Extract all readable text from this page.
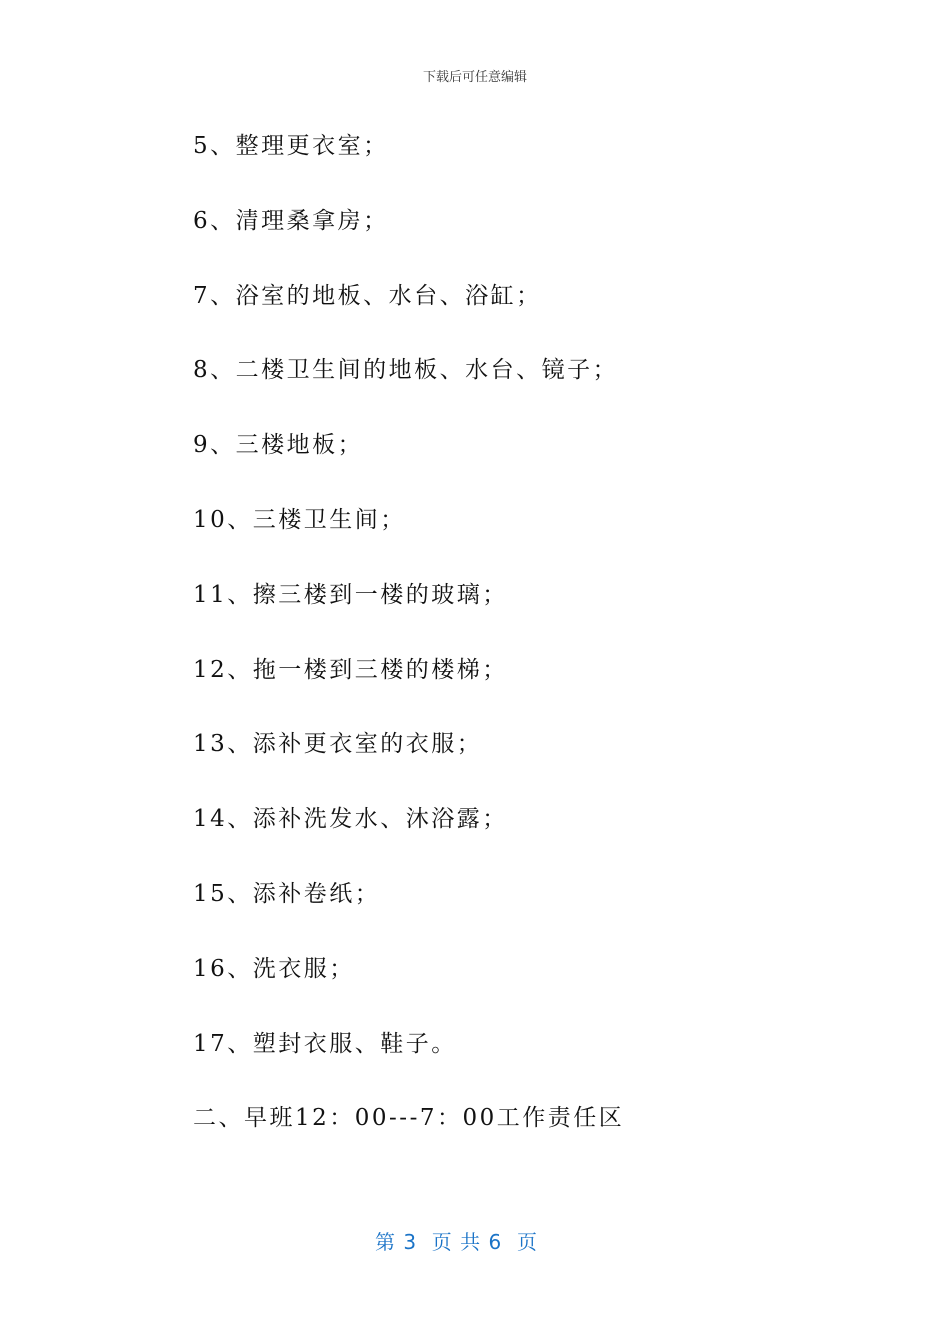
下载后可任意编辑
5、整理更衣室；
6、清理桑拿房；
7、浴室的地板、水台、浴缸；
8、二楼卫生间的地板、水台、镜子；
9、三楼地板；
10、三楼卫生间；
11、擦三楼到一楼的玻璃；
12、拖一楼到三楼的楼梯；
13、添补更衣室的衣服；
14、添补洗发水、沐浴露；
15、添补卷纸；
16、洗衣服；
17、塑封衣服、鞋子。
二、早班12：00---7：00工作责任区
第 3  页 共 6  页
